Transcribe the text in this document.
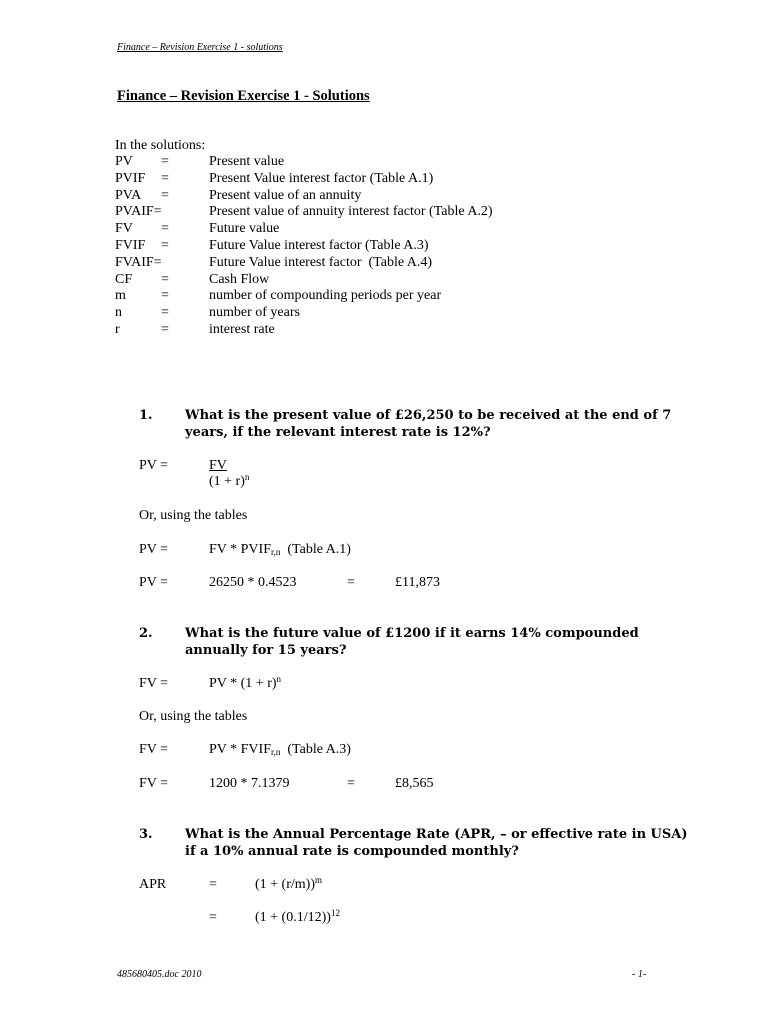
Finance – Revision Exercise 1 - solutions
Finance – Revision Exercise 1 - Solutions
In the solutions:
PV =	Present value
PVIF =	Present Value interest factor (Table A.1)
PVA =	Present value of an annuity
PVAIF=	Present value of annuity interest factor (Table A.2)
FV =	Future value
FVIF =	Future Value interest factor (Table A.3)
FVAIF=	Future Value interest factor  (Table A.4)
CF =	Cash Flow
m	=	number of compounding periods per year
n	=	number of years
r	=	interest rate
1. What is the present value of £26,250 to be received at the end of 7
years, if the relevant interest rate is 12%?
PV =	FV
$(1 + r)^n$
Or, using the tables
PV =	FV * $PVIF_{r,n}$  (Table A.1)
PV =	26250 * 0.4523	=	£11,873
2. What is the future value of £1200 if it earns 14% compounded
annually for 15 years?
FV =	PV * $(1 + r)^n$
Or, using the tables
FV =	PV * $FVIF_{r,n}$  (Table A.3)
FV =	1200 * 7.1379	=	£8,565
3. What is the Annual Percentage Rate (APR, – or effective rate in USA)
if a 10% annual rate is compounded monthly?
APR	=	$(1 + (r/m))^m$
=	$(1 + (0.1/12))^{12}$
485680405.doc 2010	- 1-
